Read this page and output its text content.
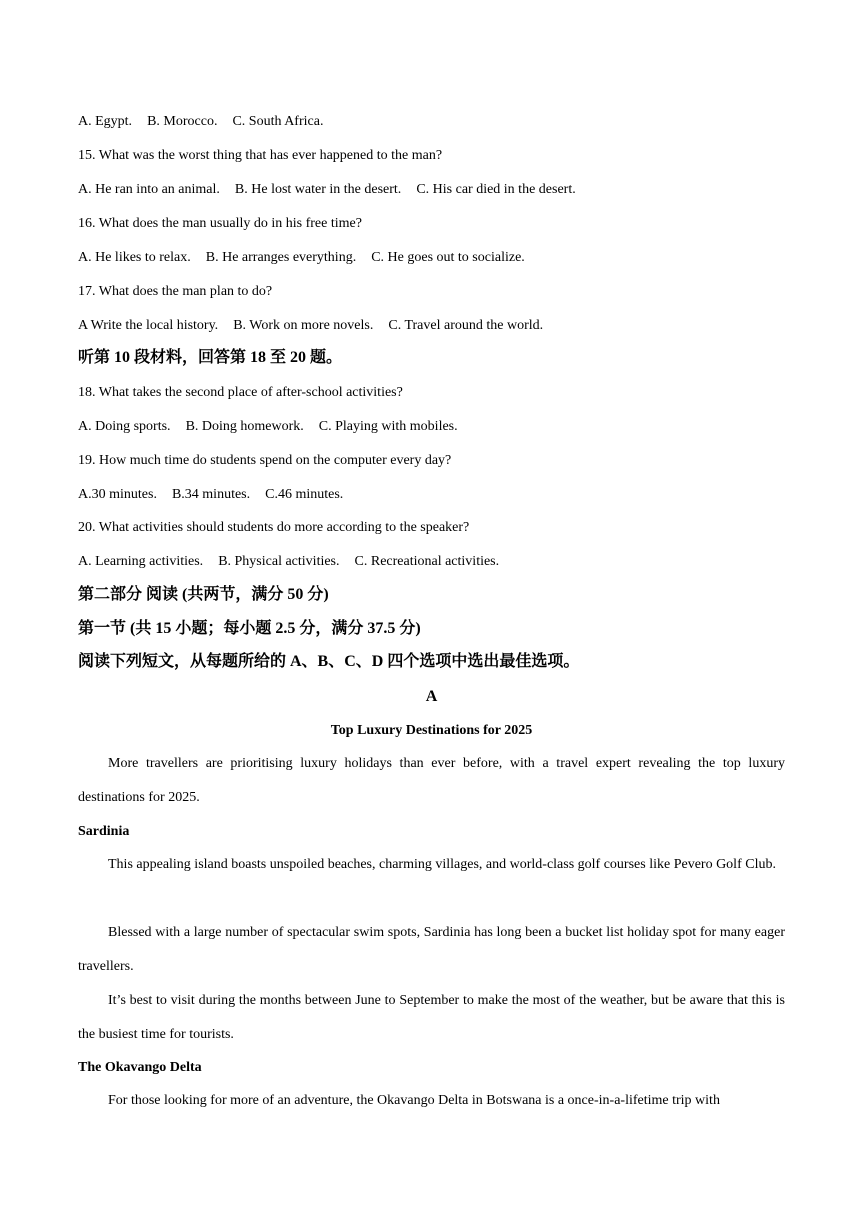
A. Egypt. B. Morocco. C. South Africa.
15. What was the worst thing that has ever happened to the man?
A. He ran into an animal. B. He lost water in the desert. C. His car died in the desert.
16. What does the man usually do in his free time?
A. He likes to relax. B. He arranges everything. C. He goes out to socialize.
17. What does the man plan to do?
A Write the local history. B. Work on more novels. C. Travel around the world.
听第 10 段材料，回答第 18 至 20 题。
18. What takes the second place of after-school activities?
A. Doing sports. B. Doing homework. C. Playing with mobiles.
19. How much time do students spend on the computer every day?
A.30 minutes. B.34 minutes. C.46 minutes.
20. What activities should students do more according to the speaker?
A. Learning activities. B. Physical activities. C. Recreational activities.
第二部分 阅读 (共两节，满分 50 分)
第一节 (共 15 小题；每小题 2.5 分，满分 37.5 分)
阅读下列短文，从每题所给的 A、B、C、D 四个选项中选出最佳选项。
A
Top Luxury Destinations for 2025

More travellers are prioritising luxury holidays than ever before, with a travel expert revealing the top luxury destinations for 2025.

Sardinia

This appealing island boasts unspoiled beaches, charming villages, and world-class golf courses like Pevero Golf Club.

Blessed with a large number of spectacular swim spots, Sardinia has long been a bucket list holiday spot for many eager travellers.

It’s best to visit during the months between June to September to make the most of the weather, but be aware that this is the busiest time for tourists.

The Okavango Delta

For those looking for more of an adventure, the Okavango Delta in Botswana is a once-in-a-lifetime trip with
